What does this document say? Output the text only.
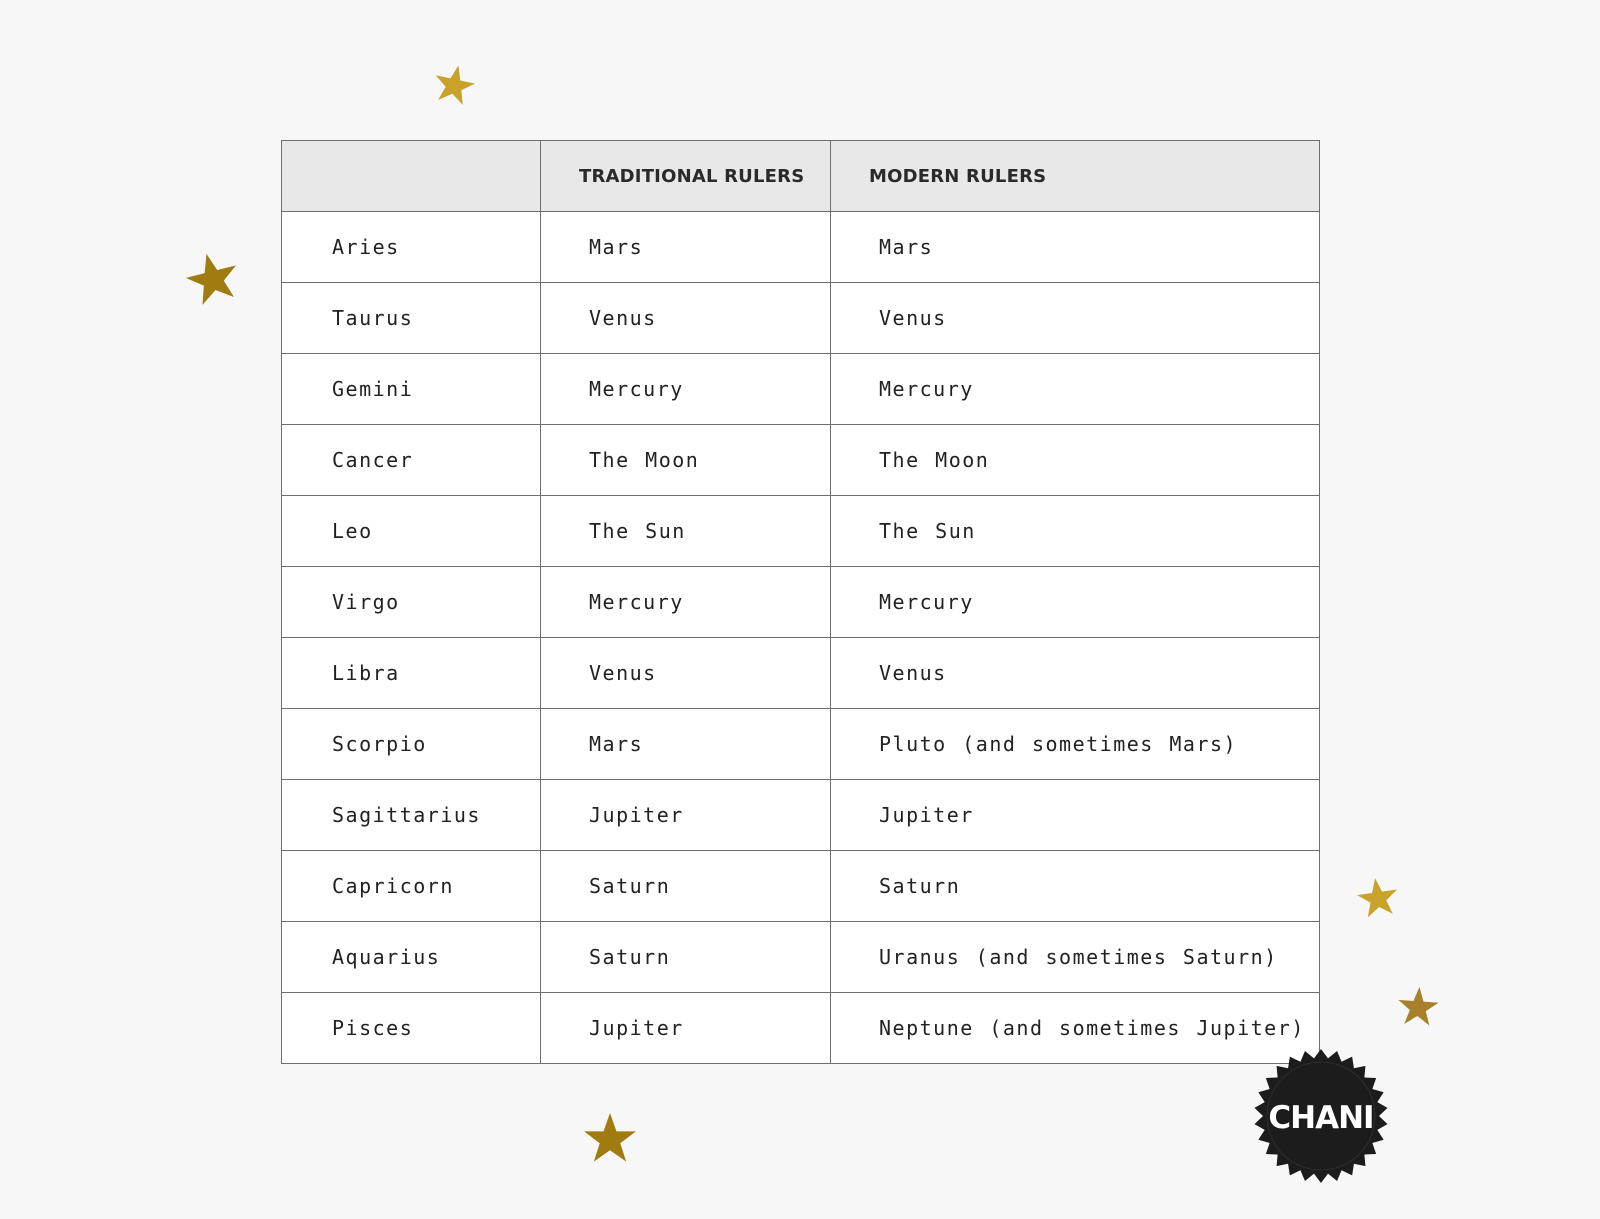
	TRADITIONAL RULERS	MODERN RULERS
Aries	Mars	Mars
Taurus	Venus	Venus
Gemini	Mercury	Mercury
Cancer	The Moon	The Moon
Leo	The Sun	The Sun
Virgo	Mercury	Mercury
Libra	Venus	Venus
Scorpio	Mars	Pluto (and sometimes Mars)
Sagittarius	Jupiter	Jupiter
Capricorn	Saturn	Saturn
Aquarius	Saturn	Uranus (and sometimes Saturn)
Pisces	Jupiter	Neptune (and sometimes Jupiter)
CHANI
